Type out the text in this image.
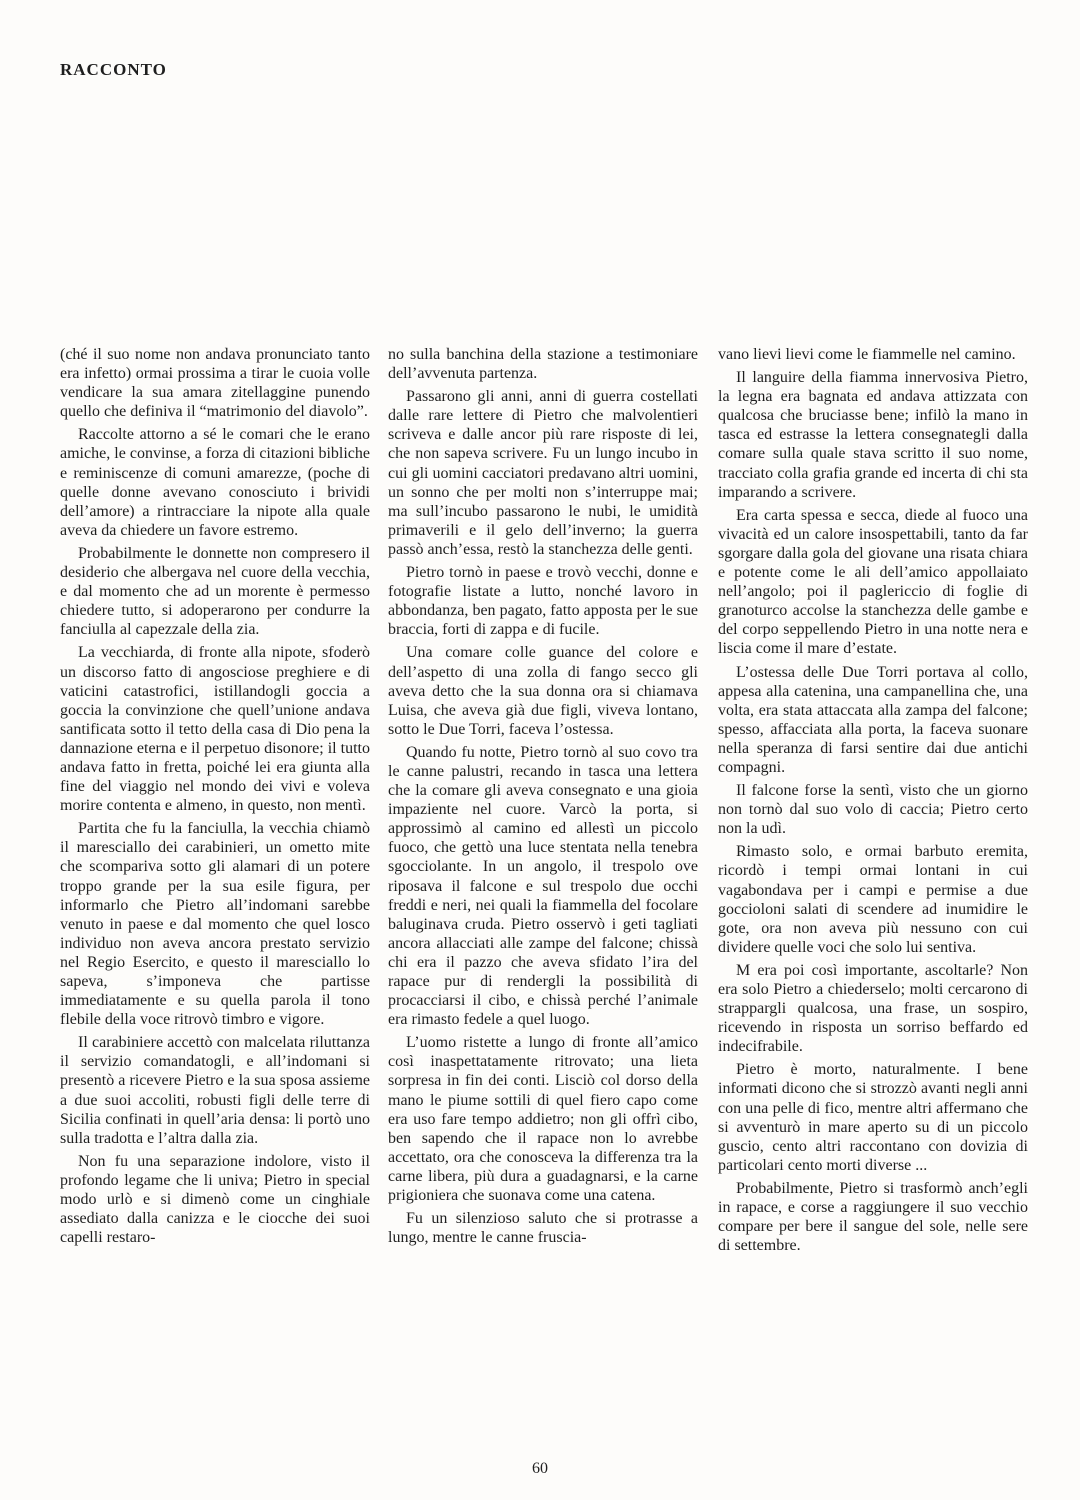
RACCONTO

(ché il suo nome non andava pronunciato tanto era infetto) ormai prossima a tirar le cuoia volle vendicare la sua amara zitellaggine punendo quello che definiva il “matrimonio del diavolo”.

Raccolte attorno a sé le comari che le erano amiche, le convinse, a forza di citazioni bibliche e reminiscenze di comuni amarezze, (poche di quelle donne avevano conosciuto i brividi dell’amore) a rintracciare la nipote alla quale aveva da chiedere un favore estremo.

Probabilmente le donnette non compresero il desiderio che albergava nel cuore della vecchia, e dal momento che ad un morente è permesso chiedere tutto, si adoperarono per condurre la fanciulla al capezzale della zia.

La vecchiarda, di fronte alla nipote, sfoderò un discorso fatto di angosciose preghiere e di vaticini catastrofici, istillandogli goccia a goccia la convinzione che quell’unione andava santificata sotto il tetto della casa di Dio pena la dannazione eterna e il perpetuo disonore; il tutto andava fatto in fretta, poiché lei era giunta alla fine del viaggio nel mondo dei vivi e voleva morire contenta e almeno, in questo, non mentì.

Partita che fu la fanciulla, la vecchia chiamò il maresciallo dei carabinieri, un ometto mite che scompariva sotto gli alamari di un potere troppo grande per la sua esile figura, per informarlo che Pietro all’indomani sarebbe venuto in paese e dal momento che quel losco individuo non aveva ancora prestato servizio nel Regio Esercito, e questo il maresciallo lo sapeva, s’imponeva che partisse immediatamente e su quella parola il tono flebile della voce ritrovò timbro e vigore.

Il carabiniere accettò con malcelata riluttanza il servizio comandatogli, e all’indomani si presentò a ricevere Pietro e la sua sposa assieme a due suoi accoliti, robusti figli delle terre di Sicilia confinati in quell’aria densa: li portò uno sulla tradotta e l’altra dalla zia.

Non fu una separazione indolore, visto il profondo legame che li univa; Pietro in special modo urlò e si dimenò come un cinghiale assediato dalla canizza e le ciocche dei suoi capelli restaro-

no sulla banchina della stazione a testimoniare dell’avvenuta partenza.

Passarono gli anni, anni di guerra costellati dalle rare lettere di Pietro che malvolentieri scriveva e dalle ancor più rare risposte di lei, che non sapeva scrivere. Fu un lungo incubo in cui gli uomini cacciatori predavano altri uomini, un sonno che per molti non s’interruppe mai; ma sull’incubo passarono le nubi, le umidità primaverili e il gelo dell’inverno; la guerra passò anch’essa, restò la stanchezza delle genti.

Pietro tornò in paese e trovò vecchi, donne e fotografie listate a lutto, nonché lavoro in abbondanza, ben pagato, fatto apposta per le sue braccia, forti di zappa e di fucile.

Una comare colle guance del colore e dell’aspetto di una zolla di fango secco gli aveva detto che la sua donna ora si chiamava Luisa, che aveva già due figli, viveva lontano, sotto le Due Torri, faceva l’ostessa.

Quando fu notte, Pietro tornò al suo covo tra le canne palustri, recando in tasca una lettera che la comare gli aveva consegnato e una gioia impaziente nel cuore. Varcò la porta, si approssimò al camino ed allestì un piccolo fuoco, che gettò una luce stentata nella tenebra sgocciolante. In un angolo, il trespolo ove riposava il falcone e sul trespolo due occhi freddi e neri, nei quali la fiammella del focolare baluginava cruda. Pietro osservò i geti tagliati ancora allacciati alle zampe del falcone; chissà chi era il pazzo che aveva sfidato l’ira del rapace pur di rendergli la possibilità di procacciarsi il cibo, e chissà perché l’animale era rimasto fedele a quel luogo.

L’uomo ristette a lungo di fronte all’amico così inaspettatamente ritrovato; una lieta sorpresa in fin dei conti. Lisciò col dorso della mano le piume sottili di quel fiero capo come era uso fare tempo addietro; non gli offrì cibo, ben sapendo che il rapace non lo avrebbe accettato, ora che conosceva la differenza tra la carne libera, più dura a guadagnarsi, e la carne prigioniera che suonava come una catena.

Fu un silenzioso saluto che si protrasse a lungo, mentre le canne fruscia-

vano lievi lievi come le fiammelle nel camino.

Il languire della fiamma innervosiva Pietro, la legna era bagnata ed andava attizzata con qualcosa che bruciasse bene; infilò la mano in tasca ed estrasse la lettera consegnategli dalla comare sulla quale stava scritto il suo nome, tracciato colla grafia grande ed incerta di chi sta imparando a scrivere.

Era carta spessa e secca, diede al fuoco una vivacità ed un calore insospettabili, tanto da far sgorgare dalla gola del giovane una risata chiara e potente come le ali dell’amico appollaiato nell’angolo; poi il paglericcio di foglie di granoturco accolse la stanchezza delle gambe e del corpo seppellendo Pietro in una notte nera e liscia come il mare d’estate.

L’ostessa delle Due Torri portava al collo, appesa alla catenina, una campanellina che, una volta, era stata attaccata alla zampa del falcone; spesso, affacciata alla porta, la faceva suonare nella speranza di farsi sentire dai due antichi compagni.

Il falcone forse la sentì, visto che un giorno non tornò dal suo volo di caccia; Pietro certo non la udì.

Rimasto solo, e ormai barbuto eremita, ricordò i tempi ormai lontani in cui vagabondava per i campi e permise a due goccioloni salati di scendere ad inumidire le gote, ora non aveva più nessuno con cui dividere quelle voci che solo lui sentiva.

M era poi così importante, ascoltarle? Non era solo Pietro a chiederselo; molti cercarono di strappargli qualcosa, una frase, un sospiro, ricevendo in risposta un sorriso beffardo ed indecifrabile.

Pietro è morto, naturalmente. I bene informati dicono che si strozzò avanti negli anni con una pelle di fico, mentre altri affermano che si avventurò in mare aperto su di un piccolo guscio, cento altri raccontano con dovizia di particolari cento morti diverse ...

Probabilmente, Pietro si trasformò anch’egli in rapace, e corse a raggiungere il suo vecchio compare per bere il sangue del sole, nelle sere di settembre.

60
